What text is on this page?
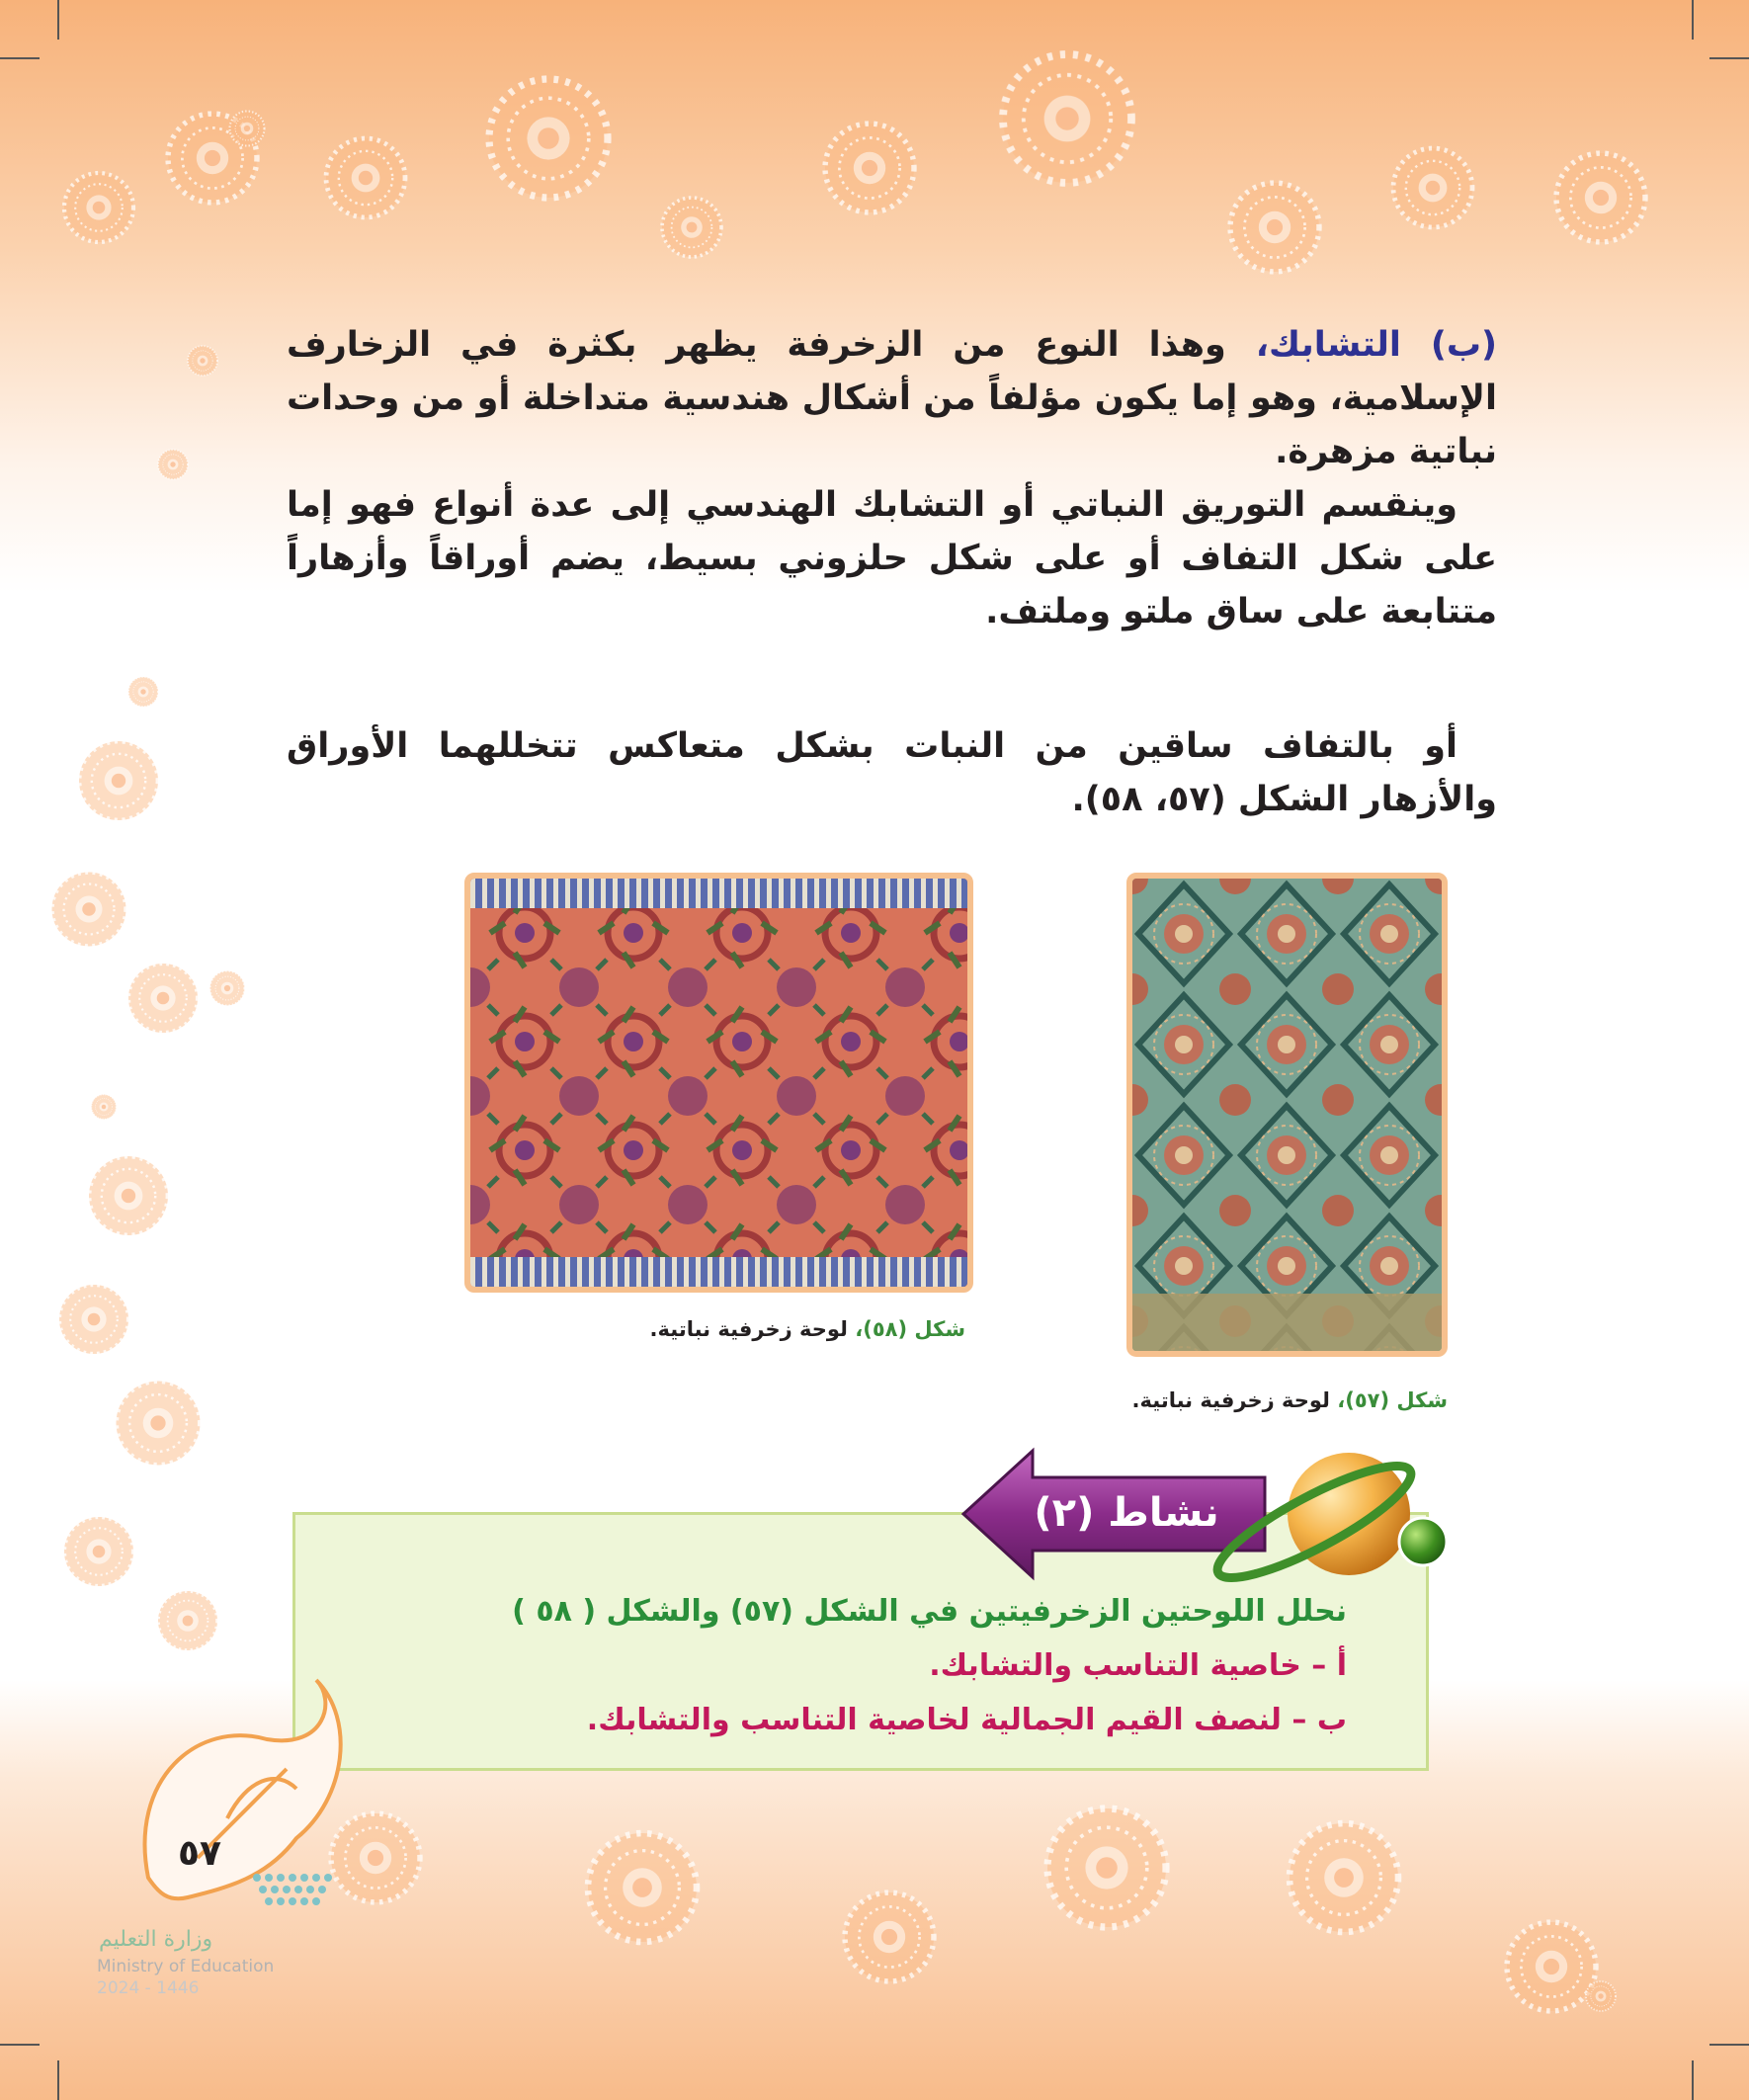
(ب) التشابك، وهذا النوع من الزخرفة يظهر بكثرة في الزخارف الإسلامية، وهو إما يكون مؤلفاً من أشكال هندسية متداخلة أو من وحدات نباتية مزهرة.

وينقسم التوريق النباتي أو التشابك الهندسي إلى عدة أنواع فهو إما على شكل التفاف أو على شكل حلزوني بسيط، يضم أوراقاً وأزهاراً متتابعة على ساق ملتو وملتف.

أو بالتفاف ساقين من النبات بشكل متعاكس تتخللهما الأوراق والأزهار الشكل (٥٧، ٥٨).

شكل (٥٨)، لوحة زخرفية نباتية.
شكل (٥٧)، لوحة زخرفية نباتية.
نحلل اللوحتين الزخرفيتين في الشكل (٥٧) والشكل ( ٥٨ )
أ – خاصية التناسب والتشابك.
ب – لنصف القيم الجمالية لخاصية التناسب والتشابك.
نشاط (٢)
٥٧
وزارة التعليم
Ministry of Education
2024 - 1446
